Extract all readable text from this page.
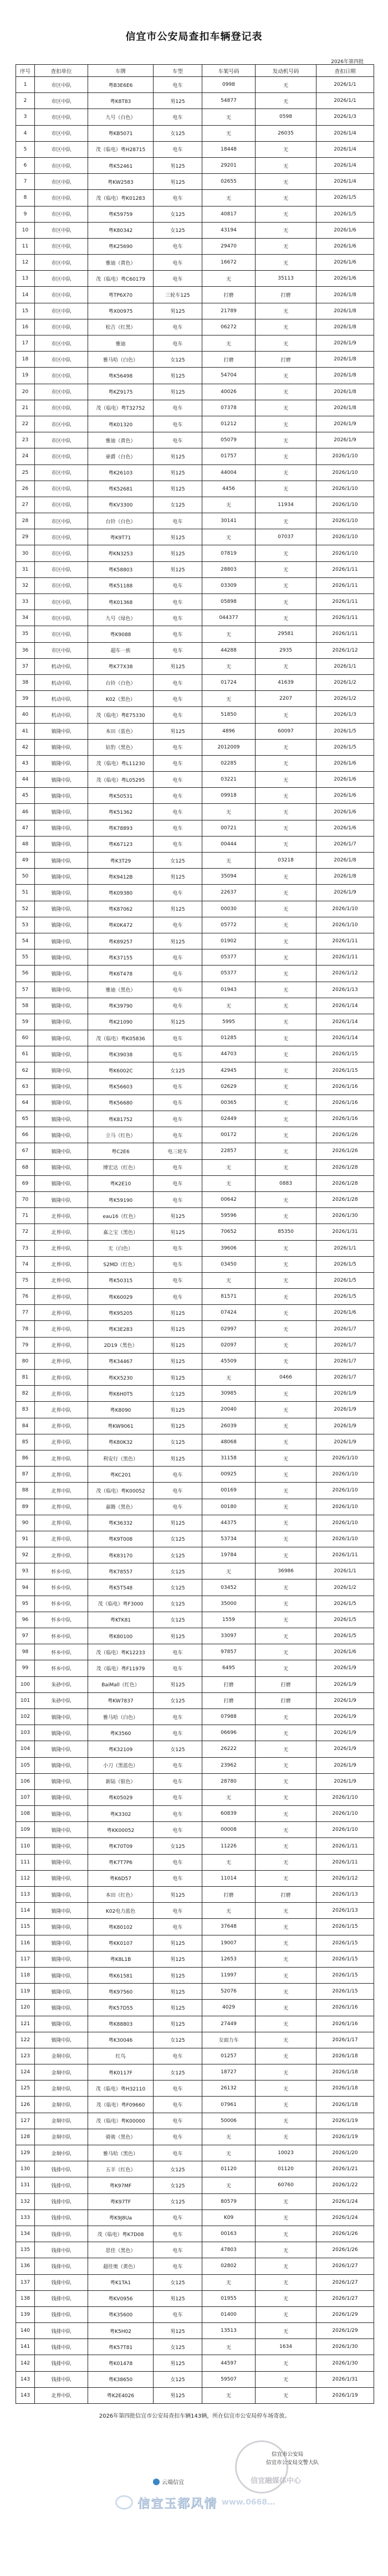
信宜市公安局查扣车辆登记表
2026年第四批
序号	查扣单位	车牌	车型	车架号码	发动机号码	查扣日期
1	市区中队	粤B3E6E6	电车	0998	无	2026/1/1
2	市区中队	粤K8T83	男125	54877	无	2026/1/1
3	市区中队	九号（白色）	电车	无	0598	2026/1/3
4	市区中队	粤KB5071	女125	无	26035	2026/1/4
5	市区中队	茂（临电）粤H28715	电车	18448	无	2026/1/4
6	市区中队	粤K52461	男125	29201	无	2026/1/4
7	市区中队	粤KW2583	男125	02655	无	2026/1/4
8	市区中队	茂（临电）粤K01283	电车	无	无	2026/1/5
9	市区中队	粤K59759	女125	40817	无	2026/1/5
10	市区中队	粤K80342	女125	43194	无	2026/1/6
11	市区中队	粤K25690	电车	29470	无	2026/1/6
12	市区中队	雅迪（黄色）	电车	16672	无	2026/1/6
13	市区中队	茂（临电）粤C60179	电车	无	35113	2026/1/6
14	市区中队	粤TP6X70	三轮车125	打磨	打磨	2026/1/8
15	市区中队	粤X00975	男125	21789	无	2026/1/8
16	市区中队	松吉（红黑）	电车	06272	无	2026/1/8
17	市区中队	雅迪	电车	无	无	2026/1/9
18	市区中队	雅马哈（白色）	女125	打磨	打磨	2026/1/8
19	市区中队	粤K56498	男125	54704	无	2026/1/8
20	市区中队	粤KZ9175	男125	40026	无	2026/1/8
21	市区中队	茂（临电）粤T32752	电车	07378	无	2026/1/8
22	市区中队	粤K01320	电车	01212	无	2026/1/9
23	市区中队	雅迪（黄色）	电车	05079	无	2026/1/9
24	市区中队	豪爵（白色）	男125	01757	无	2026/1/10
25	市区中队	粤K26103	男125	44004	无	2026/1/10
26	市区中队	粤K52681	男125	4456	无	2026/1/10
27	市区中队	粤KV3300	女125	无	11934	2026/1/10
28	市区中队	台铃（白色）	电车	30141	无	2026/1/10
29	市区中队	粤K9T71	男125	无	07037	2026/1/10
30	市区中队	粤KN3253	男125	07819	无	2026/1/10
31	市区中队	粤K58803	男125	28803	无	2026/1/11
32	市区中队	粤K51188	电车	03309	无	2026/1/11
33	市区中队	粤K01368	电车	05898	无	2026/1/11
34	市区中队	九号（绿色）	电车	044377	无	2026/1/11
35	市区中队	粤K9088	电车	无	29581	2026/1/11
36	市区中队	超车一族	电车	44288	2935	2026/1/12
37	机动中队	粤K77X38	男125	无	无	2026/1/1
38	机动中队	台铃（白色）	电车	01724	41639	2026/1/2
39	机动中队	K02（黑色）	电车	无	2207	2026/1/2
40	机动中队	茂（临电）粤E75330	电车	51850	无	2026/1/3
41	镇隆中队	本田（蓝色）	男125	4896	60097	2026/1/5
42	镇隆中队	钻豹（黑色）	电车	2012009	无	2026/1/5
43	镇隆中队	茂（临电）粤L11230	电车	02285	无	2026/1/6
44	镇隆中队	茂（临电）粤L05295	电车	03221	无	2026/1/6
45	镇隆中队	粤K50531	电车	09918	无	2026/1/6
46	镇隆中队	粤K51362	电车	无	无	2026/1/6
47	镇隆中队	粤K78893	电车	00721	无	2026/1/6
48	镇隆中队	粤K67123	电车	00444	无	2026/1/7
49	镇隆中队	粤K3T29	女125	无	03218	2026/1/8
50	镇隆中队	粤K9412B	男125	35094	无	2026/1/8
51	镇隆中队	粤K09380	电车	22637	无	2026/1/9
52	镇隆中队	粤K87062	男125	00030	无	2026/1/10
53	镇隆中队	粤K0K472	电车	05772	无	2026/1/10
54	镇隆中队	粤K89257	男125	01902	无	2026/1/11
55	镇隆中队	粤K37155	电车	05377	无	2026/1/11
56	镇隆中队	粤K6T478	电车	05377	无	2026/1/12
57	镇隆中队	雅迪（黑色）	电车	01943	无	2026/1/13
58	镇隆中队	粤K39790	电车	无	无	2026/1/14
59	镇隆中队	粤K21090	男125	5995	无	2026/1/14
60	镇隆中队	茂（临电）粤K05836	电车	01285	无	2026/1/14
61	镇隆中队	粤K39038	电车	44703	无	2026/1/15
62	镇隆中队	粤K6002C	女125	42945	无	2026/1/15
63	镇隆中队	粤K56603	电车	02629	无	2026/1/16
64	镇隆中队	粤K56680	电车	00365	无	2026/1/16
65	镇隆中队	粤K81752	电车	02449	无	2026/1/16
66	镇隆中队	立马（红色）	电车	00172	无	2026/1/26
67	镇隆中队	粤C2E6	电三轮车	22857	无	2026/1/26
68	镇隆中队	博宏达（红色）	电车	无	无	2026/1/28
69	镇隆中队	粤K2E10	电车	无	0883	2026/1/28
70	镇隆中队	粤K59190	电车	00642	无	2026/1/28
71	北界中队	eau16（红色）	男125	59596	无	2026/1/30
72	北界中队	嘉之宝（黑色）	男125	70652	85350	2026/1/31
73	北界中队	无（白色）	电车	39606	无	2026/1/1
74	北界中队	S2MD（红色）	电车	03450	无	2026/1/5
75	北界中队	粤K50315	电车	无	无	2026/1/5
76	北界中队	粤K60029	电车	81571	无	2026/1/5
77	北界中队	粤K95205	男125	07424	无	2026/1/6
78	北界中队	粤K3E283	男125	02997	无	2026/1/7
79	北界中队	2D19（黑色）	男125	02097	无	2026/1/7
80	北界中队	粤K34467	男125	45509	无	2026/1/7
81	北界中队	粤KX5230	男125	无	0466	2026/1/7
82	北界中队	粤K6H0T5	女125	30985	无	2026/1/9
83	北界中队	粤K8090	男125	20040	无	2026/1/9
84	北界中队	粤KW9061	男125	26039	无	2026/1/9
85	北界中队	粤K80K32	女125	48068	无	2026/1/9
86	北界中队	利安行（黑色）	男125	31158	无	2026/1/10
87	北界中队	粤KC201	电车	00925	无	2026/1/10
88	北界中队	茂（临电）粤K00052	电车	00169	无	2026/1/10
89	北界中队	嘉腾（黑色）	电车	00180	无	2026/1/10
90	北界中队	粤K36332	男125	44375	无	2026/1/10
91	北界中队	粤K9T008	女125	53734	无	2026/1/10
92	北界中队	粤K83170	女125	19784	无	2026/1/11
93	怀乡中队	粤K78557	女125	无	36986	2026/1/1
94	怀乡中队	粤K5T548	女125	03452	无	2026/1/2
95	怀乡中队	茂（临电）粤F3000	女125	35000	无	2026/1/5
96	怀乡中队	粤KTK81	女125	1559	无	2026/1/5
97	怀乡中队	粤K80100	男125	33097	无	2026/1/5
98	怀乡中队	茂（临电）粤K12233	电车	97857	无	2026/1/6
99	怀乡中队	茂（临电）粤F11979	电车	6495	无	2026/1/9
100	朱砂中队	BaiMall（红色）	男125	打磨	打磨	2026/1/9
101	朱砂中队	粤KW7837	女125	打磨	打磨	2026/1/9
102	镇隆中队	雅马哈（白色）	电车	07988	无	2026/1/9
103	镇隆中队	粤K3560	电车	06696	无	2026/1/9
104	镇隆中队	粤K32109	女125	26222	无	2026/1/9
105	镇隆中队	小刀（黑蓝色）	电车	23962	无	2026/1/9
106	镇隆中队	新陆（银色）	电车	28780	无	2026/1/9
107	镇隆中队	粤K05029	电车	无	无	2026/1/10
108	镇隆中队	粤K3302	电车	60839	无	2026/1/10
109	镇隆中队	粤KK00052	电车	00008	无	2026/1/10
110	镇隆中队	粤K70T09	女125	11226	无	2026/1/11
111	镇隆中队	粤K7T7P6	电车	无	无	2026/1/11
112	镇隆中队	粤K6D57	电车	11014	无	2026/1/12
113	镇隆中队	本田（红色）	男125	打磨	打磨	2026/1/13
114	镇隆中队	K02电力蓝色	电车	无	无	2026/1/13
115	镇隆中队	粤K80102	电车	37648	无	2026/1/15
116	镇隆中队	粤KK0107	男125	19007	无	2026/1/15
117	镇隆中队	粤K8L1B	男125	12653	无	2026/1/15
118	镇隆中队	粤K61581	男125	11997	无	2026/1/15
119	镇隆中队	粤K97560	男125	52076	无	2026/1/15
120	镇隆中队	粤K57D55	男125	4029	无	2026/1/16
121	镇隆中队	粤K88803	男125	27449	无	2026/1/16
122	镇隆中队	粤K30046	女125	女面力车	无	2026/1/17
123	金垌中队	红鸟	电车	01257	无	2026/1/18
124	金垌中队	粤K0117F	女125	18727	无	2026/1/18
125	金垌中队	茂（临电）粤H32110	电车	26132	无	2026/1/18
126	金垌中队	茂（临电）粤F09660	电车	07961	无	2026/1/18
127	金垌中队	茂（临电）粤K00000	电车	50006	无	2026/1/19
128	金垌中队	骑骏（黑色）	电车	无	无	2026/1/19
129	金垌中队	雅马哈（黑色）	电车	无	10023	2026/1/20
130	钱排中队	五羊（红色）	女125	01120	01120	2026/1/21
131	钱排中队	粤K97MF	女125	无	60760	2026/1/22
132	钱排中队	粤K97TF	女125	80579	无	2026/1/24
133	钱排中队	粤K9J8Ua	电车	K09	无	2026/1/24
134	钱排中队	茂（临电）粤K7D08	电车	00163	无	2026/1/26
135	钱排中队	思佳（黑色）	电车	47803	无	2026/1/26
136	钱排中队	超佳奥（黄色）	电车	02802	无	2026/1/27
137	钱排中队	粤K1TA1	女125	无	无	2026/1/27
138	钱排中队	粤KV0956	男125	01955	无	2026/1/27
139	钱排中队	粤K35600	电车	01400	无	2026/1/29
140	钱排中队	粤K5H02	男125	13513	无	2026/1/29
141	钱排中队	粤K57T81	女125	无	1634	2026/1/30
142	钱排中队	粤K01478	男125	44597	无	2026/1/30
143	钱排中队	粤K38650	女125	59507	无	2026/1/31
143	北界中队	粤K2E4026	男125	无	无	2026/1/19
2026年第四批信宜市公安局查扣车辆143辆，所在信宜市公安局停车场寄放。
信宜市公安局
信宜市公安局交警大队
云端信宜	信宜融媒体中心
信宜玉都风情 www.0668…
